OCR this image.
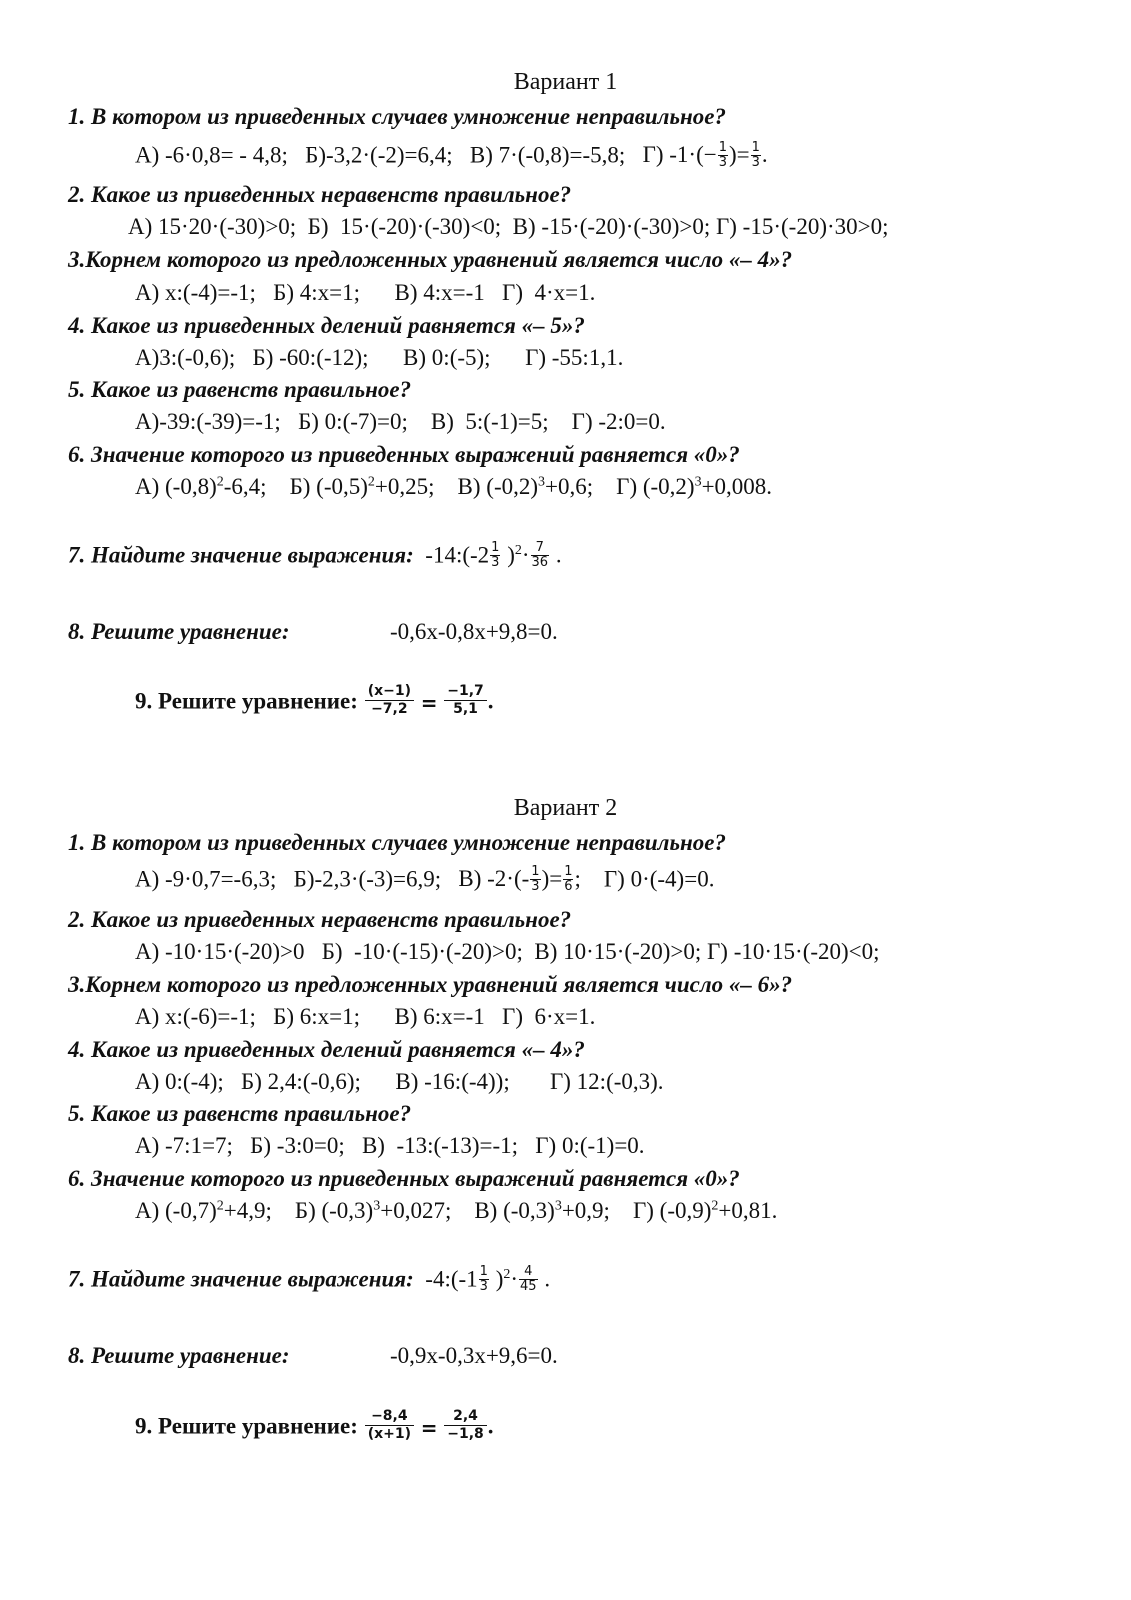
Вариант 1
1. В котором из приведенных случаев умножение неправильное?
А) -6·0,8= - 4,8; Б)-3,2·(-2)=6,4; В) 7·(-0,8)=-5,8; Г) $-1\cdot(- \frac{1}{3}$ )= $\frac{1}{3}$ .
2. Какое из приведенных неравенств правильное?
А) 15·20·(-30)>0;  Б)  15·(-20)·(-30)<0;  В) -15·(-20)·(-30)>0; Г) -15·(-20)·30>0;
3.Корнем которого из предложенных уравнений является число «– 4»?
А) х:(-4)=-1;   Б) 4:х=1;      В) 4:х=-1   Г)  4·х=1.
4. Какое из приведенных делений равняется «– 5»?
А)3:(-0,6);   Б) -60:(-12);      В) 0:(-5);      Г) -55:1,1.
5. Какое из равенств правильное?
А)-39:(-39)=-1;   Б) 0:(-7)=0;    В)  5:(-1)=5;    Г) -2:0=0.
6. Значение которого из приведенных выражений равняется «0»?
А) $(-0,8)^2-6,4$; Б) $(-0,5)^2+0,25$; В) $(-0,2)^3+0,6$; Г) $(-0,2)^3+0,008$.
7. Найдите значение выражения: -14:(-2 $\frac{1}{3} )^2\cdot \frac{7}{36}$ .
8. Решите уравнение:	-0,6х-0,8х+9,8=0.
9. Решите уравнение: $\frac{(x-1)}{-7,2} = \frac{-1,7}{5,1}$ .
Вариант 2
1. В котором из приведенных случаев умножение неправильное?
А) -9·0,7=-6,3; Б)-2,3·(-3)=6,9; В) $-2\cdot(- \frac{1}{3}$ )= $\frac{1}{6}$ ; Г) 0·(-4)=0.
2. Какое из приведенных неравенств правильное?
А) -10·15·(-20)>0   Б)  -10·(-15)·(-20)>0;  В) 10·15·(-20)>0; Г) -10·15·(-20)<0;
3.Корнем которого из предложенных уравнений является число «– 6»?
А) х:(-6)=-1;   Б) 6:х=1;      В) 6:х=-1   Г)  6·х=1.
4. Какое из приведенных делений равняется «– 4»?
А) 0:(-4);   Б) 2,4:(-0,6);      В) -16:(-4));       Г) 12:(-0,3).
5. Какое из равенств правильное?
А) -7:1=7;   Б) -3:0=0;   В)  -13:(-13)=-1;   Г) 0:(-1)=0.
6. Значение которого из приведенных выражений равняется «0»?
А) $(-0,7)^2+4,9$; Б) $(-0,3)^3+0,027$; В) $(-0,3)^3+0,9$; Г) $(-0,9)^2+0,81$.
7. Найдите значение выражения: -4:(-1 $\frac{1}{3} )^2\cdot \frac{4}{45}$ .
8. Решите уравнение:	-0,9х-0,3х+9,6=0.
9. Решите уравнение: $\frac{-8,4}{(x+1)} = \frac{2,4}{-1,8}$ .
